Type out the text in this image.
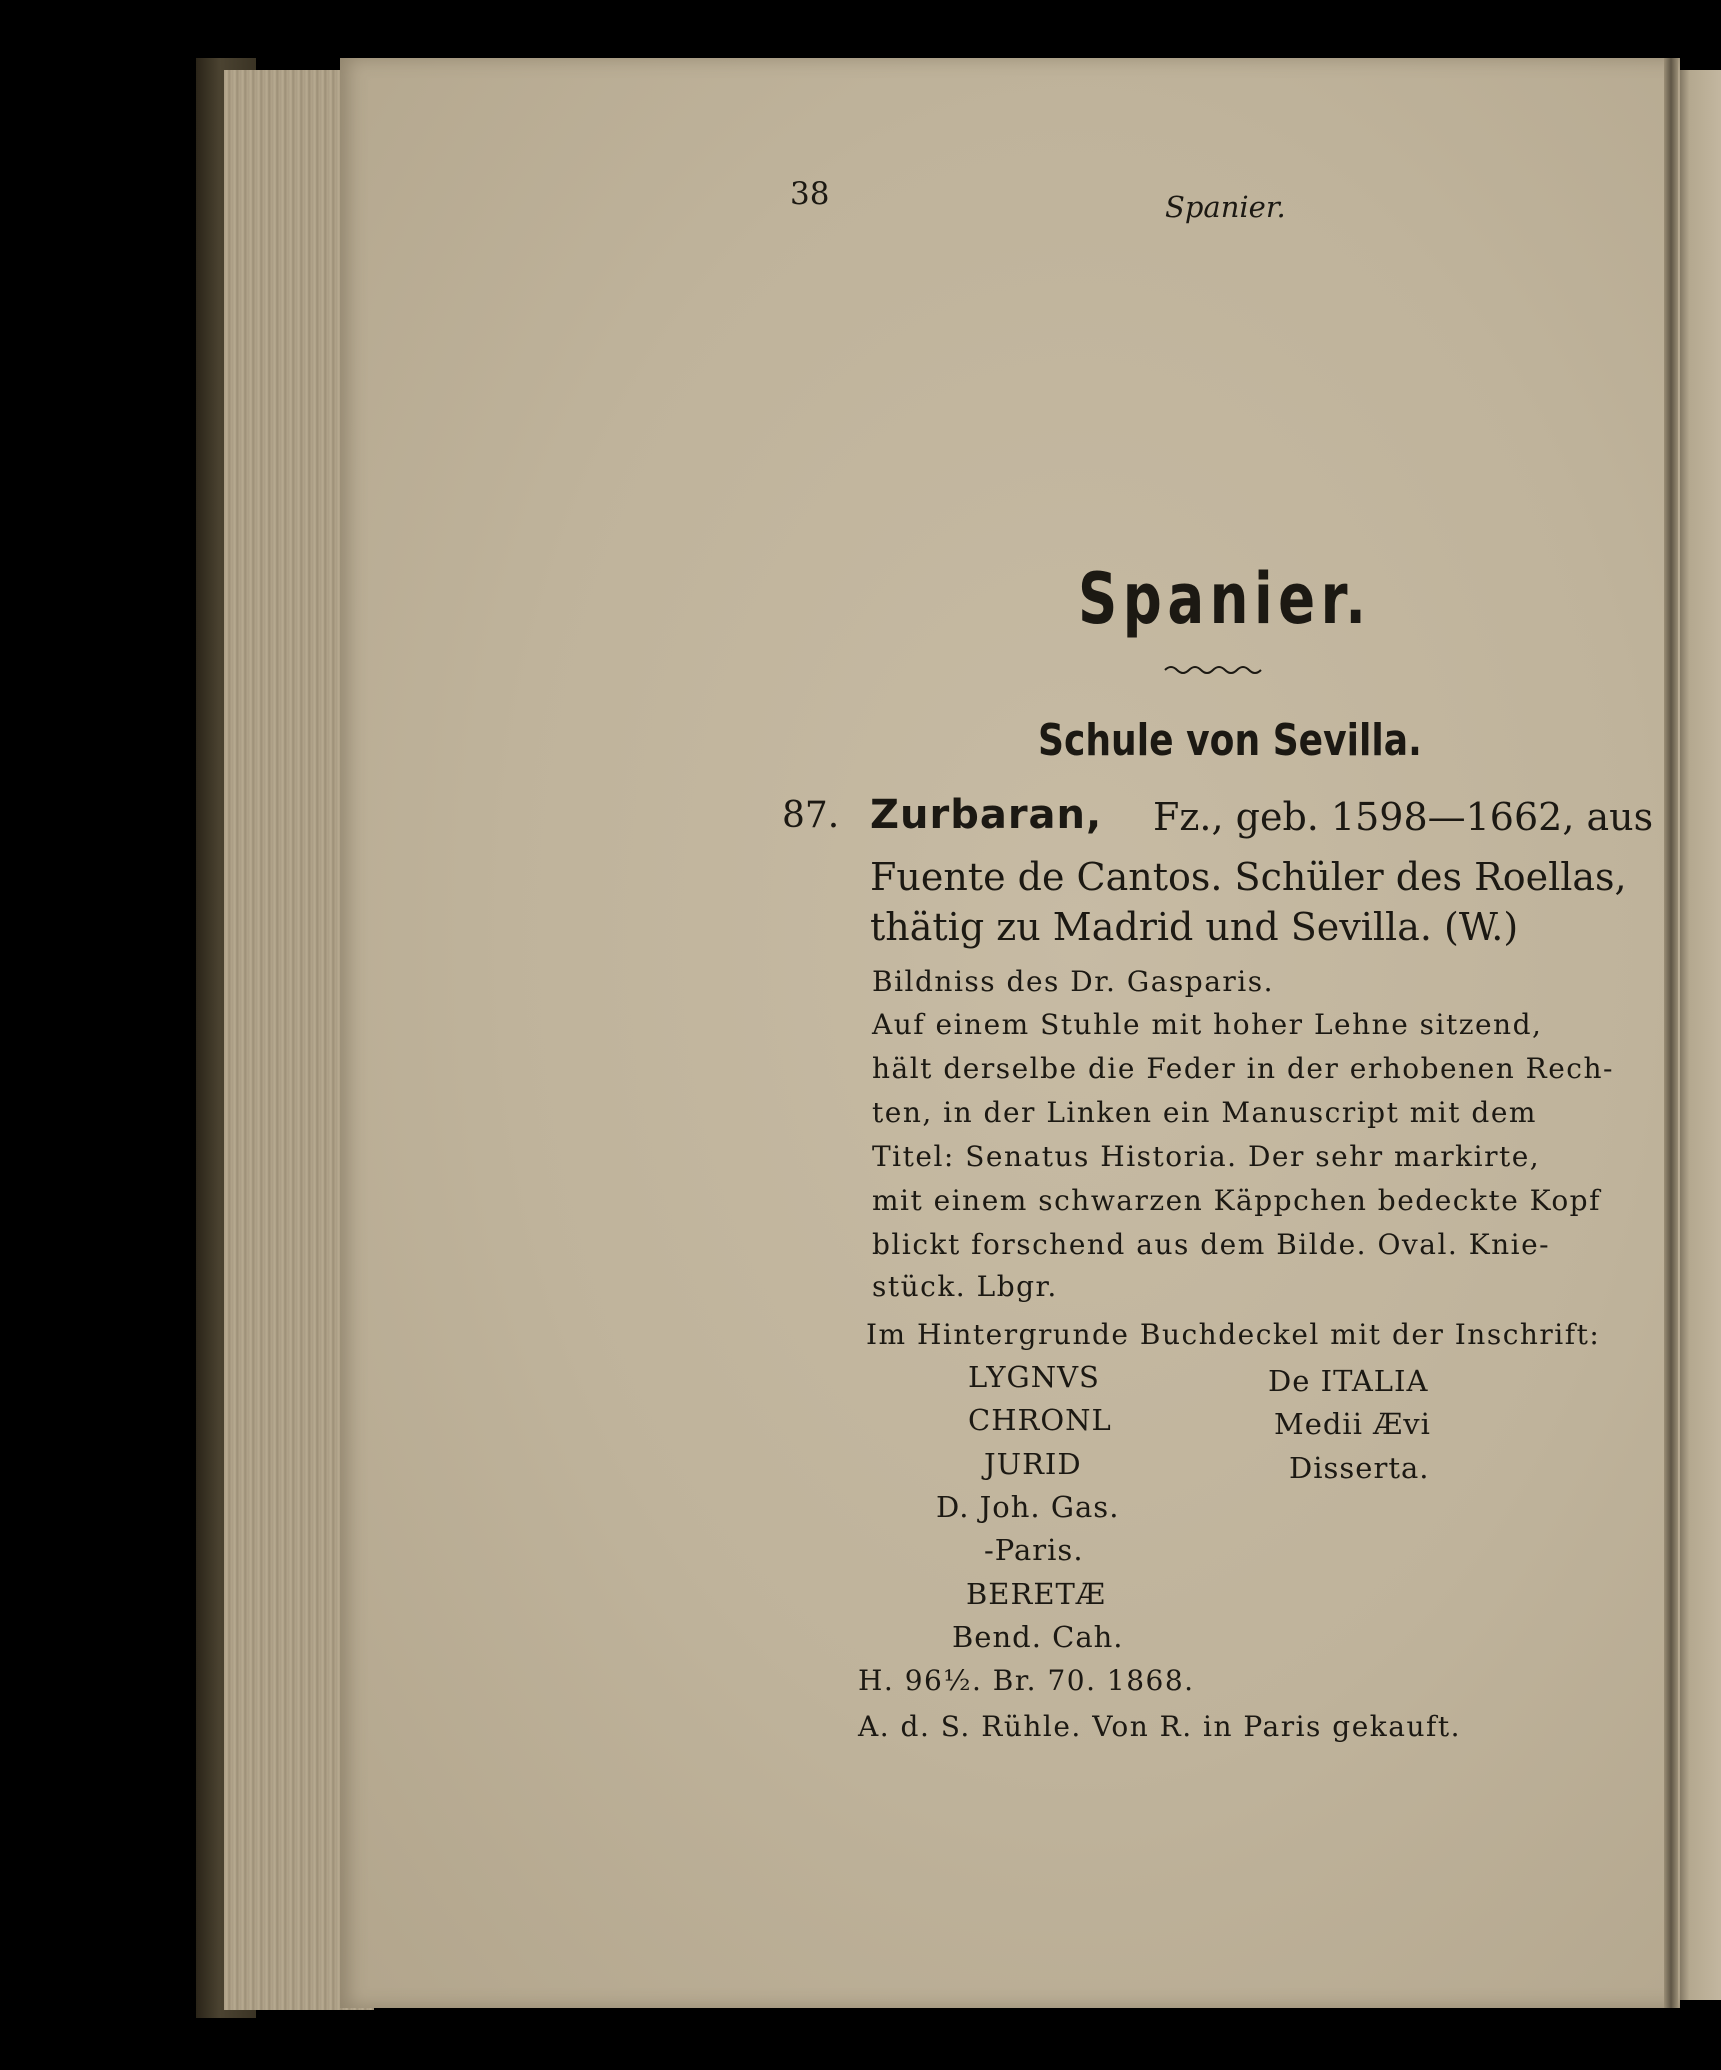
38	Spanier.
Spanier.
Schule von Sevilla.
87. Zurbaran, Fz., geb. 1598—1662, aus
Fuente de Cantos. Schüler des Roellas,
thätig zu Madrid und Sevilla. (W.)
Bildniss des Dr. Gasparis.
Auf einem Stuhle mit hoher Lehne sitzend,
hält derselbe die Feder in der erhobenen Rech-
ten, in der Linken ein Manuscript mit dem
Titel: Senatus Historia. Der sehr markirte,
mit einem schwarzen Käppchen bedeckte Kopf
blickt forschend aus dem Bilde. Oval. Knie-
stück. Lbgr.
Im Hintergrunde Buchdeckel mit der Inschrift:
LYGNVS
CHRONL
JURID
D. Joh. Gas.
-Paris.
BERETÆ
Bend. Cah.
De ITALIA
Medii Ævi
Disserta.
H. 96½. Br. 70. 1868.
A. d. S. Rühle. Von R. in Paris gekauft.
